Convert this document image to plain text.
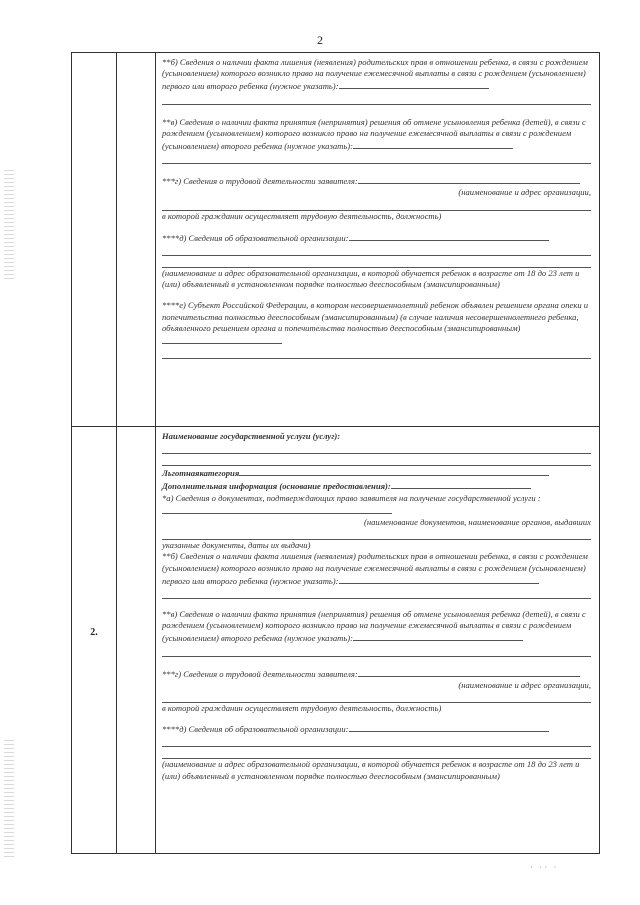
2
· ·· ·

**б) Сведения о наличии факта лишения (неявления) родительских прав в отношении ребенка, в связи с рождением (усыновлением) которого возникло право на получение ежемесячной выплаты в связи с рождением (усыновлением) первого или второго ребенка (нужное указать):

**в) Сведения о наличии факта принятия (непринятия) решения об отмене усыновления ребенка (детей), в связи с рождением (усыновлением) которого возникло право на получение ежемесячной выплаты в связи с рождением (усыновлением) второго ребенка (нужное указать):

***г) Сведения о трудовой деятельности заявителя:

(наименование и адрес организации,

в которой гражданин осуществляет трудовую деятельность, должность)

****д) Сведения об образовательной организации:

(наименование и адрес образовательной организации, в которой обучается ребенок в возрасте от 18 до 23 лет и (или) объявленный в установленном порядке полностью дееспособным (эмансипированным)

****е) Субъект Российской Федерации, в котором несовершеннолетний ребенок объявлен решением органа опеки и попечительства полностью дееспособным (эмансипированным) (в случае наличия несовершеннолетнего ребенка, объявленного решением органа и попечительства полностью дееспособным (эмансипированным)

2.

Наименование государственной услуги (услуг):

Льготнаякатегория

Дополнительная информация (основание предоставления):

*а) Сведения о документах, подтверждающих право заявителя на получение государственной услуги :

(наименование документов, наименование органов, выдавших

указанные документы, даты их выдачи)

**б) Сведения о наличии факта лишения (неявления) родительских прав в отношении ребенка, в связи с рождением (усыновлением) которого возникло право на получение ежемесячной выплаты в связи с рождением (усыновлением) первого или второго ребенка (нужное указать):

**в) Сведения о наличии факта принятия (непринятия) решения об отмене усыновления ребенка (детей), в связи с рождением (усыновлением) которого возникло право на получение ежемесячной выплаты в связи с рождением (усыновлением) второго ребенка (нужное указать):

***г) Сведения о трудовой деятельности заявителя:

(наименование и адрес организации,

в которой гражданин осуществляет трудовую деятельность, должность)

****д) Сведения об образовательной организации:

(наименование и адрес образовательной организации, в которой обучается ребенок в возрасте от 18 до 23 лет и (или) объявленный в установленном порядке полностью дееспособным (эмансипированным)
